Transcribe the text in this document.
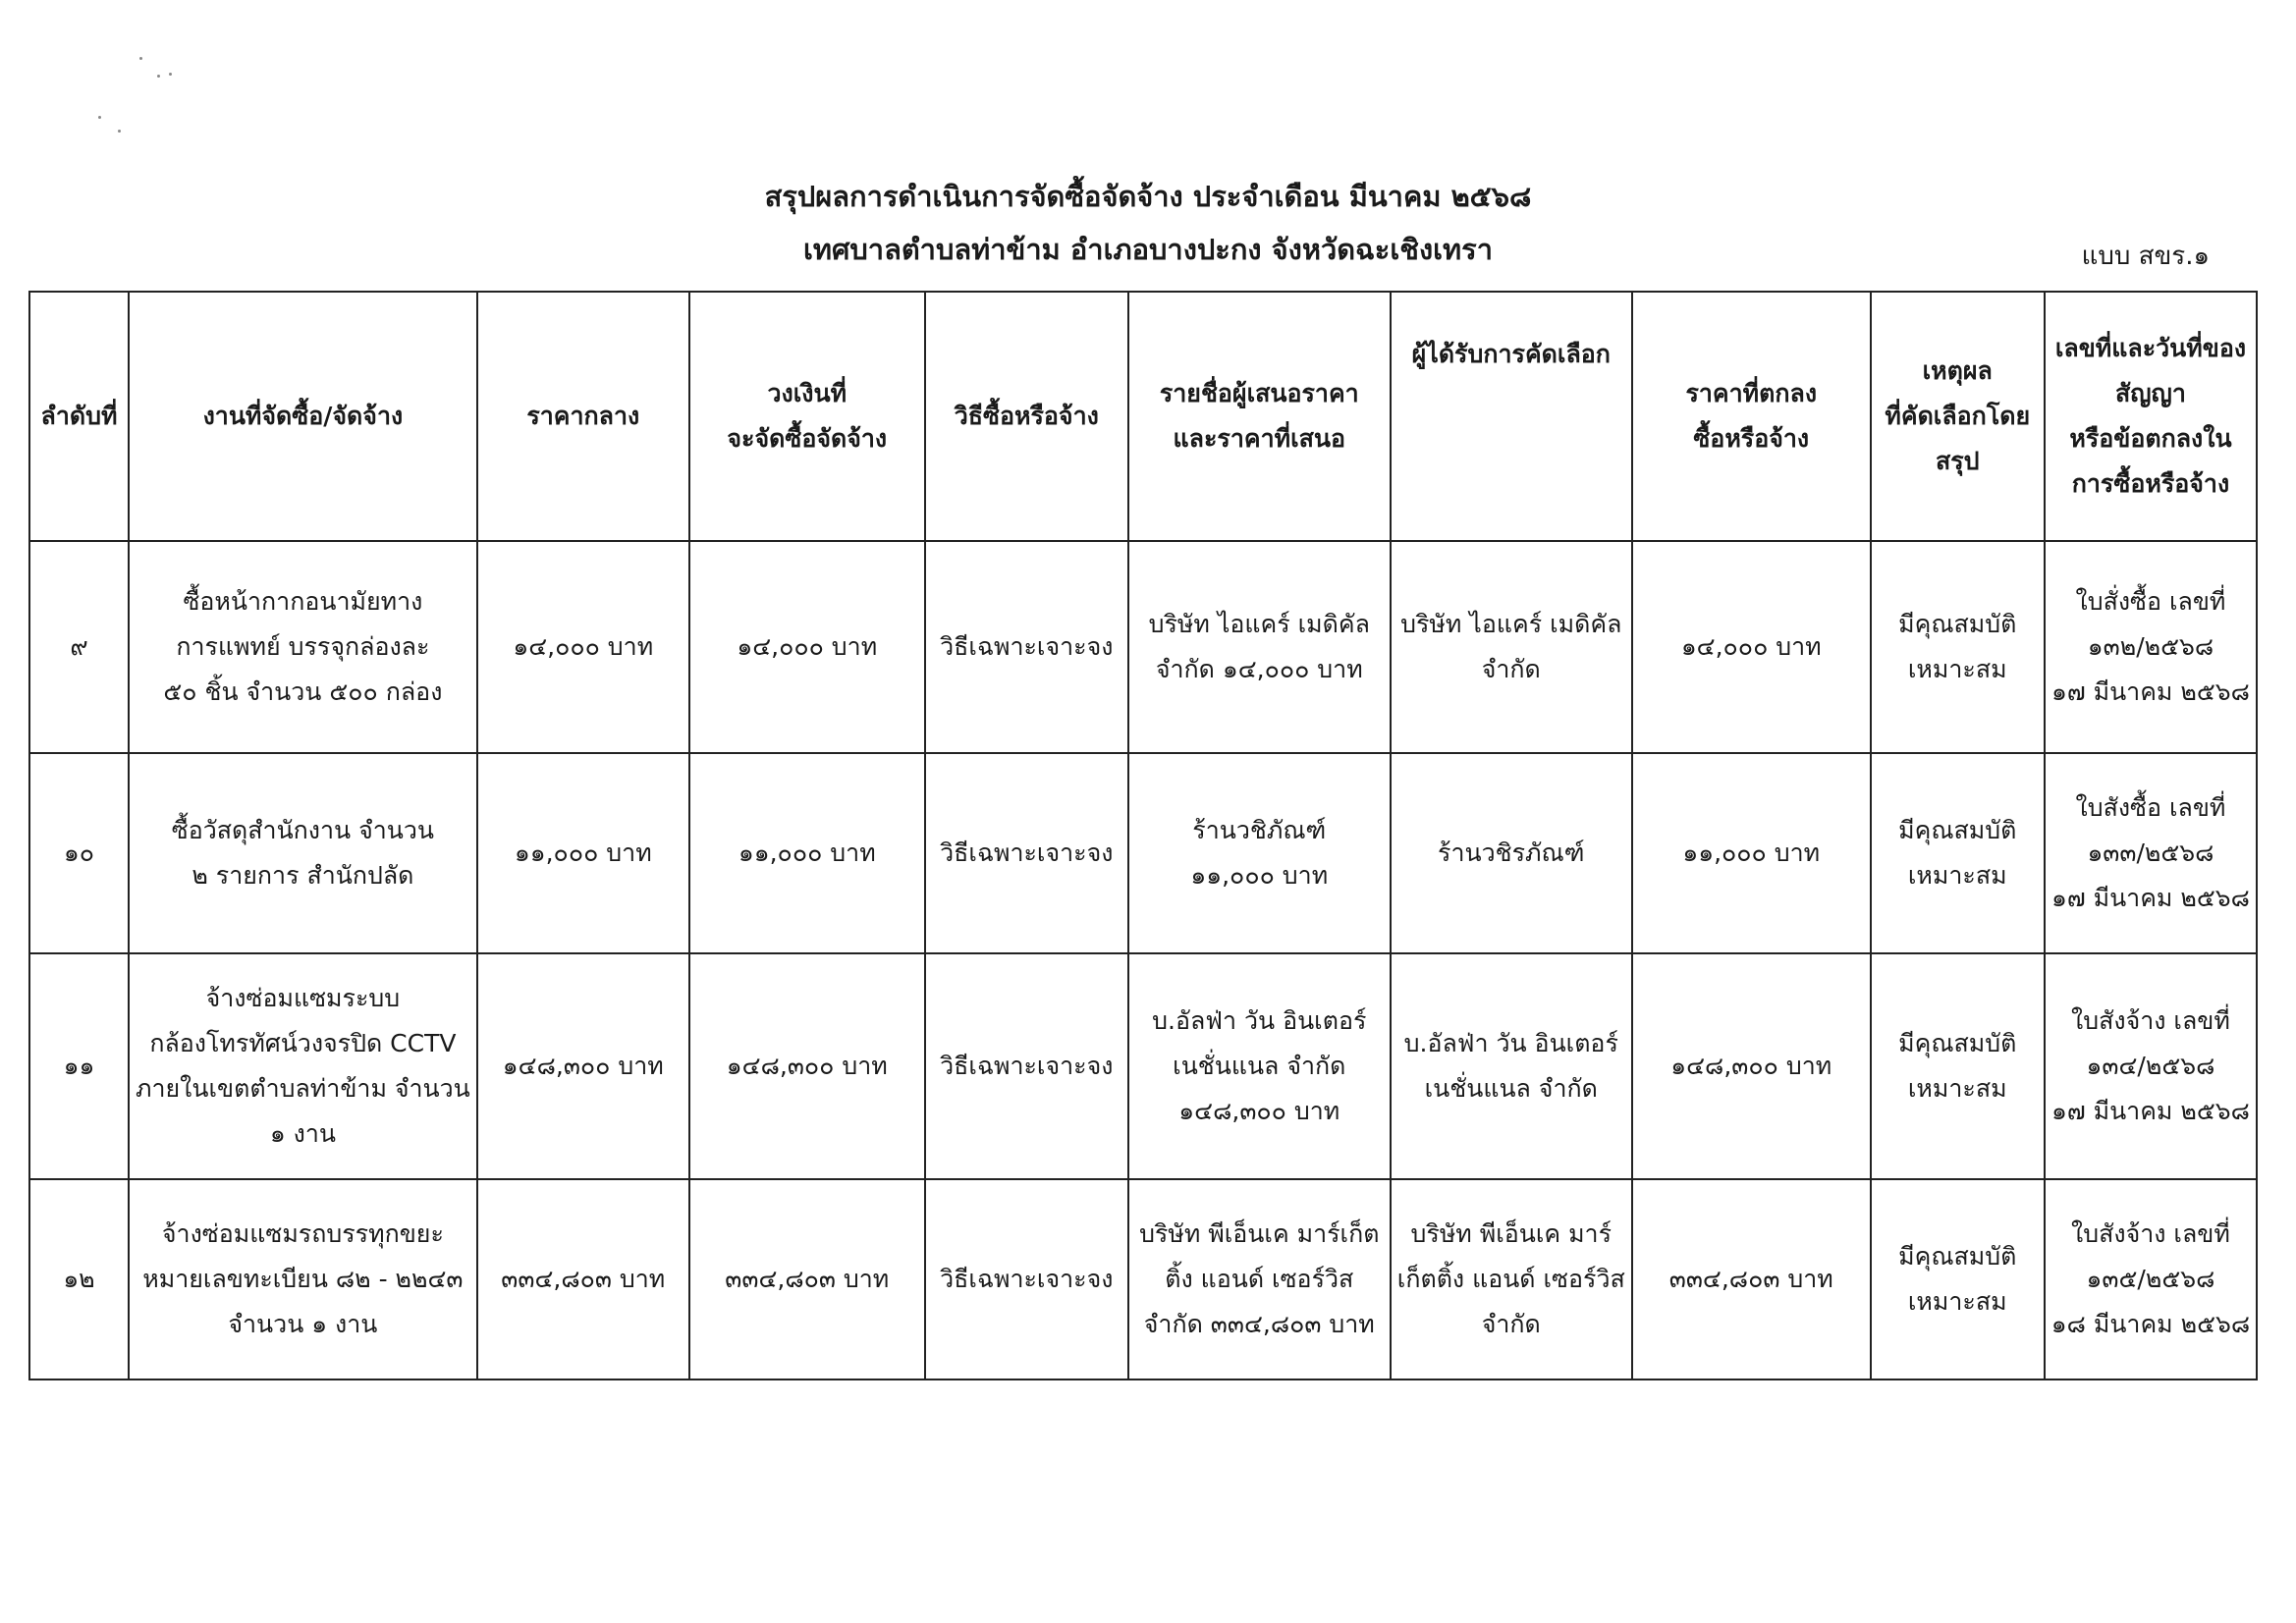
สรุปผลการดำเนินการจัดซื้อจัดจ้าง ประจำเดือน มีนาคม ๒๕๖๘
เทศบาลตำบลท่าข้าม อำเภอบางปะกง จังหวัดฉะเชิงเทรา	แบบ สขร.๑
ลำดับที่	งานที่จัดซื้อ/จัดจ้าง	ราคากลาง	วงเงินที่
จะจัดซื้อจัดจ้าง	วิธีซื้อหรือจ้าง	รายชื่อผู้เสนอราคา
และราคาที่เสนอ	ผู้ได้รับการคัดเลือก	ราคาที่ตกลง
ซื้อหรือจ้าง	เหตุผล
ที่คัดเลือกโดย
สรุป	เลขที่และวันที่ของ
สัญญา
หรือข้อตกลงใน
การซื้อหรือจ้าง

๙	ซื้อหน้ากากอนามัยทาง
การแพทย์ บรรจุกล่องละ
๕๐ ชิ้น จำนวน ๕๐๐ กล่อง	๑๔,๐๐๐ บาท	๑๔,๐๐๐ บาท	วิธีเฉพาะเจาะจง	บริษัท ไอแคร์ เมดิคัล
จำกัด ๑๔,๐๐๐ บาท	บริษัท ไอแคร์ เมดิคัล
จำกัด	๑๔,๐๐๐ บาท	มีคุณสมบัติ
เหมาะสม	ใบสั่งซื้อ เลขที่
๑๓๒/๒๕๖๘
๑๗ มีนาคม ๒๕๖๘

๑๐	ซื้อวัสดุสำนักงาน จำนวน
๒ รายการ สำนักปลัด	๑๑,๐๐๐ บาท	๑๑,๐๐๐ บาท	วิธีเฉพาะเจาะจง	ร้านวชิภัณฑ์
๑๑,๐๐๐ บาท	ร้านวชิรภัณฑ์	๑๑,๐๐๐ บาท	มีคุณสมบัติ
เหมาะสม	ใบสังซื้อ เลขที่
๑๓๓/๒๕๖๘
๑๗ มีนาคม ๒๕๖๘

๑๑	จ้างซ่อมแซมระบบ
กล้องโทรทัศน์วงจรปิด CCTV
ภายในเขตตำบลท่าข้าม จำนวน
๑ งาน	๑๔๘,๓๐๐ บาท	๑๔๘,๓๐๐ บาท	วิธีเฉพาะเจาะจง	บ.อัลฟ่า วัน อินเตอร์
เนชั่นแนล จำกัด
๑๔๘,๓๐๐ บาท	บ.อัลฟ่า วัน อินเตอร์
เนชั่นแนล จำกัด	๑๔๘,๓๐๐ บาท	มีคุณสมบัติ
เหมาะสม	ใบสังจ้าง เลขที่
๑๓๔/๒๕๖๘
๑๗ มีนาคม ๒๕๖๘

๑๒	จ้างซ่อมแซมรถบรรทุกขยะ
หมายเลขทะเบียน ๘๒ - ๒๒๔๓
จำนวน ๑ งาน	๓๓๔,๘๐๓ บาท	๓๓๔,๘๐๓ บาท	วิธีเฉพาะเจาะจง	บริษัท พีเอ็นเค มาร์เก็ต
ติ้ง แอนด์ เซอร์วิส
จำกัด ๓๓๔,๘๐๓ บาท	บริษัท พีเอ็นเค มาร์
เก็ตติ้ง แอนด์ เซอร์วิส
จำกัด	๓๓๔,๘๐๓ บาท	มีคุณสมบัติ
เหมาะสม	ใบสังจ้าง เลขที่
๑๓๕/๒๕๖๘
๑๘ มีนาคม ๒๕๖๘
